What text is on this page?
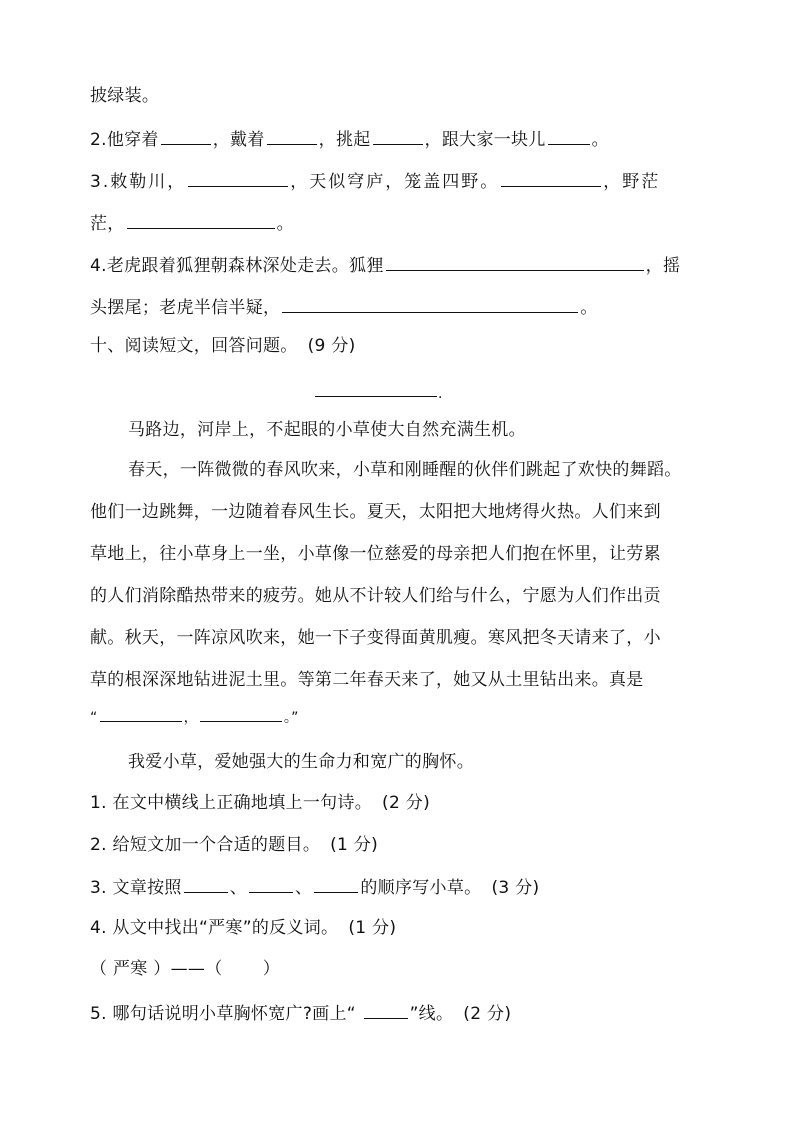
披绿装。
2.他穿着	，戴着	，挑起	，跟大家一块儿	。
3.敕勒川，	，天似穹庐，笼盖四野。	，野茫
茫，	。
4.老虎跟着狐狸朝森林深处走去。狐狸	，摇
头摆尾；老虎半信半疑，	。
十、阅读短文，回答问题。 (9 分)
.
马路边，河岸上，不起眼的小草使大自然充满生机。
春天，一阵微微的春风吹来，小草和刚睡醒的伙伴们跳起了欢快的舞蹈。
他们一边跳舞，一边随着春风生长。夏天，太阳把大地烤得火热。人们来到
草地上，往小草身上一坐，小草像一位慈爱的母亲把人们抱在怀里，让劳累
的人们消除酷热带来的疲劳。她从不计较人们给与什么，宁愿为人们作出贡
献。秋天，一阵凉风吹来，她一下子变得面黄肌瘦。寒风把冬天请来了，小
草的根深深地钻进泥土里。等第二年春天来了，她又从土里钻出来。真是
“	，	。”
我爱小草，爱她强大的生命力和宽广的胸怀。
1. 在文中横线上正确地填上一句诗。 (2 分)
2. 给短文加一个合适的题目。 (1 分)
3. 文章按照	、	、	的顺序写小草。 (3 分)
4. 从文中找出“严寒”的反义词。 (1 分)
（ 严寒 ）——（　　 ）
5. 哪句话说明小草胸怀宽广?画上“	”线。 (2 分)
